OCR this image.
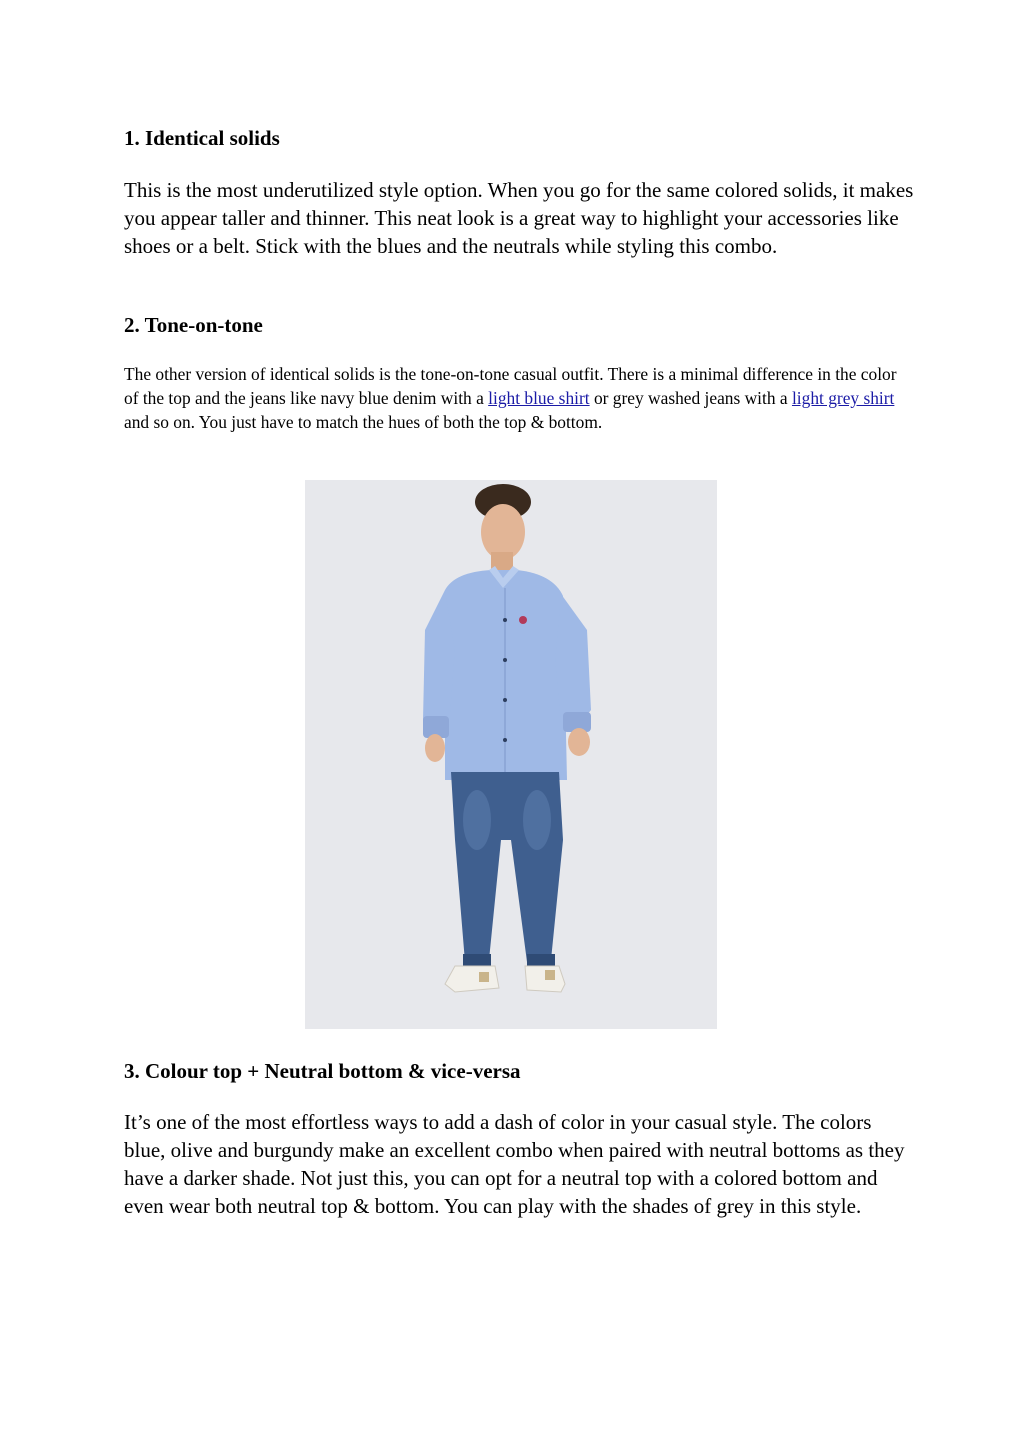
1. Identical solids

This is the most underutilized style option. When you go for the same colored solids, it makes you appear taller and thinner. This neat look is a great way to highlight your accessories like shoes or a belt. Stick with the blues and the neutrals while styling this combo.

2. Tone-on-tone

The other version of identical solids is the tone-on-tone casual outfit. There is a minimal difference in the color of the top and the jeans like navy blue denim with a light blue shirt or grey washed jeans with a light grey shirt and so on. You just have to match the hues of both the top & bottom.

3. Colour top + Neutral bottom & vice-versa

It’s one of the most effortless ways to add a dash of color in your casual style. The colors blue, olive and burgundy make an excellent combo when paired with neutral bottoms as they have a darker shade. Not just this, you can opt for a neutral top with a colored bottom and even wear both neutral top & bottom. You can play with the shades of grey in this style.
